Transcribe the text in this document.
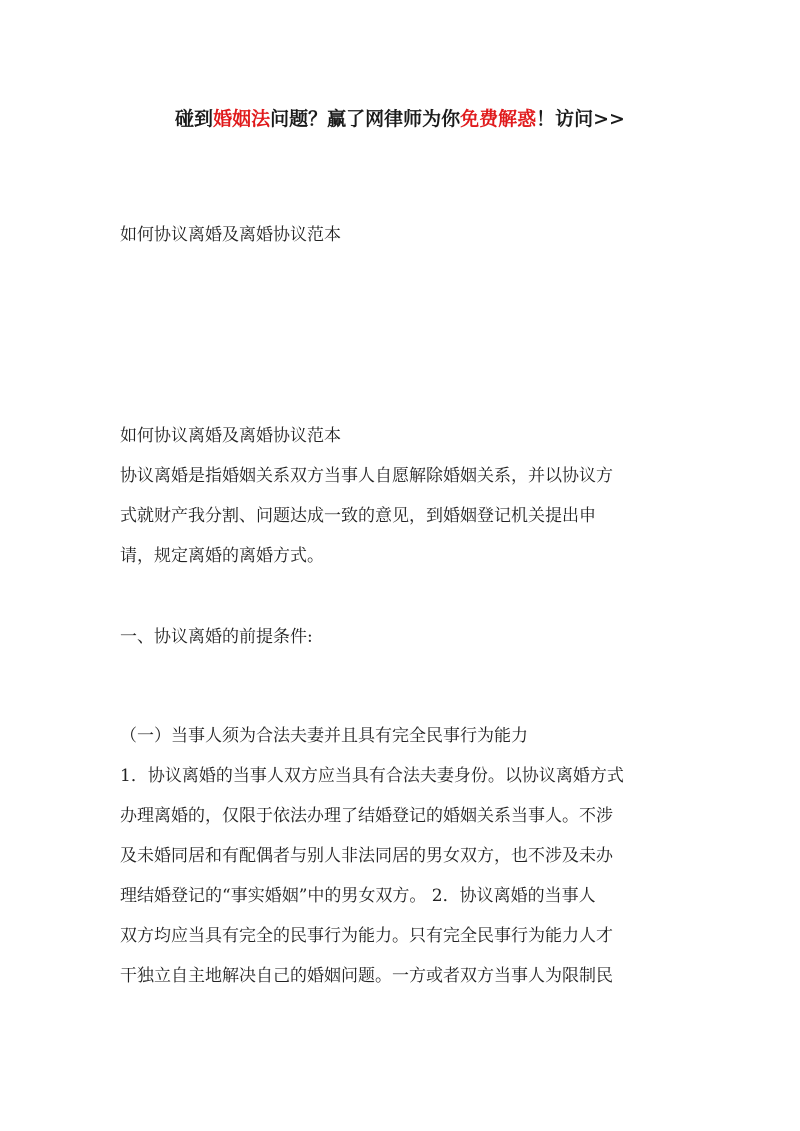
碰到婚姻法问题？赢了网律师为你免费解惑！访问>>
如何协议离婚及离婚协议范本
如何协议离婚及离婚协议范本
协议离婚是指婚姻关系双方当事人自愿解除婚姻关系，并以协议方
式就财产我分割、问题达成一致的意见，到婚姻登记机关提出申
请，规定离婚的离婚方式。
一、协议离婚的前提条件:
（一）当事人须为合法夫妻并且具有完全民事行为能力
1．协议离婚的当事人双方应当具有合法夫妻身份。以协议离婚方式
办理离婚的，仅限于依法办理了结婚登记的婚姻关系当事人。不涉
及未婚同居和有配偶者与别人非法同居的男女双方，也不涉及未办
理结婚登记的“事实婚姻”中的男女双方。 2．协议离婚的当事人
双方均应当具有完全的民事行为能力。只有完全民事行为能力人才
干独立自主地解决自己的婚姻问题。一方或者双方当事人为限制民
